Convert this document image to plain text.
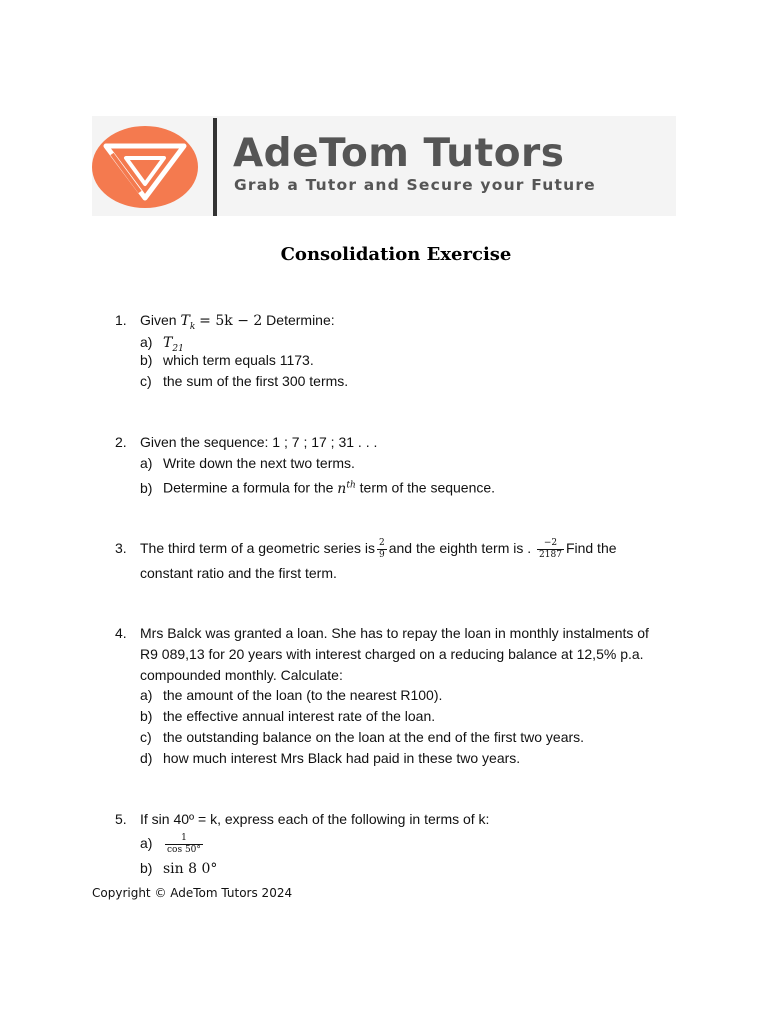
AdeTom Tutors
Grab a Tutor and Secure your Future
Consolidation Exercise
1. Given $T_k = 5k - 2$ Determine:
a) $T_{21}$
b) which term equals 1173.
c) the sum of the first 300 terms.
2. Given the sequence: 1 ; 7 ; 17 ; 31 . . .
a) Write down the next two terms.
b) Determine a formula for the $n^{th}$ term of the sequence.
3. The third term of a geometric series is $\frac{2}{9}$ and the eighth term is . $\frac{-2}{2187}$ Find the
constant ratio and the first term.
4. Mrs Balck was granted a loan. She has to repay the loan in monthly instalments of
R9 089,13 for 20 years with interest charged on a reducing balance at 12,5% p.a.
compounded monthly. Calculate:
a) the amount of the loan (to the nearest R100).
b) the effective annual interest rate of the loan.
c) the outstanding balance on the loan at the end of the first two years.
d) how much interest Mrs Black had paid in these two years.
5. If sin 40º = k, express each of the following in terms of k:
$a) \frac{1}{\cos 50^\circ}$
b) sin 8 0°
Copyright © AdeTom Tutors 2024
